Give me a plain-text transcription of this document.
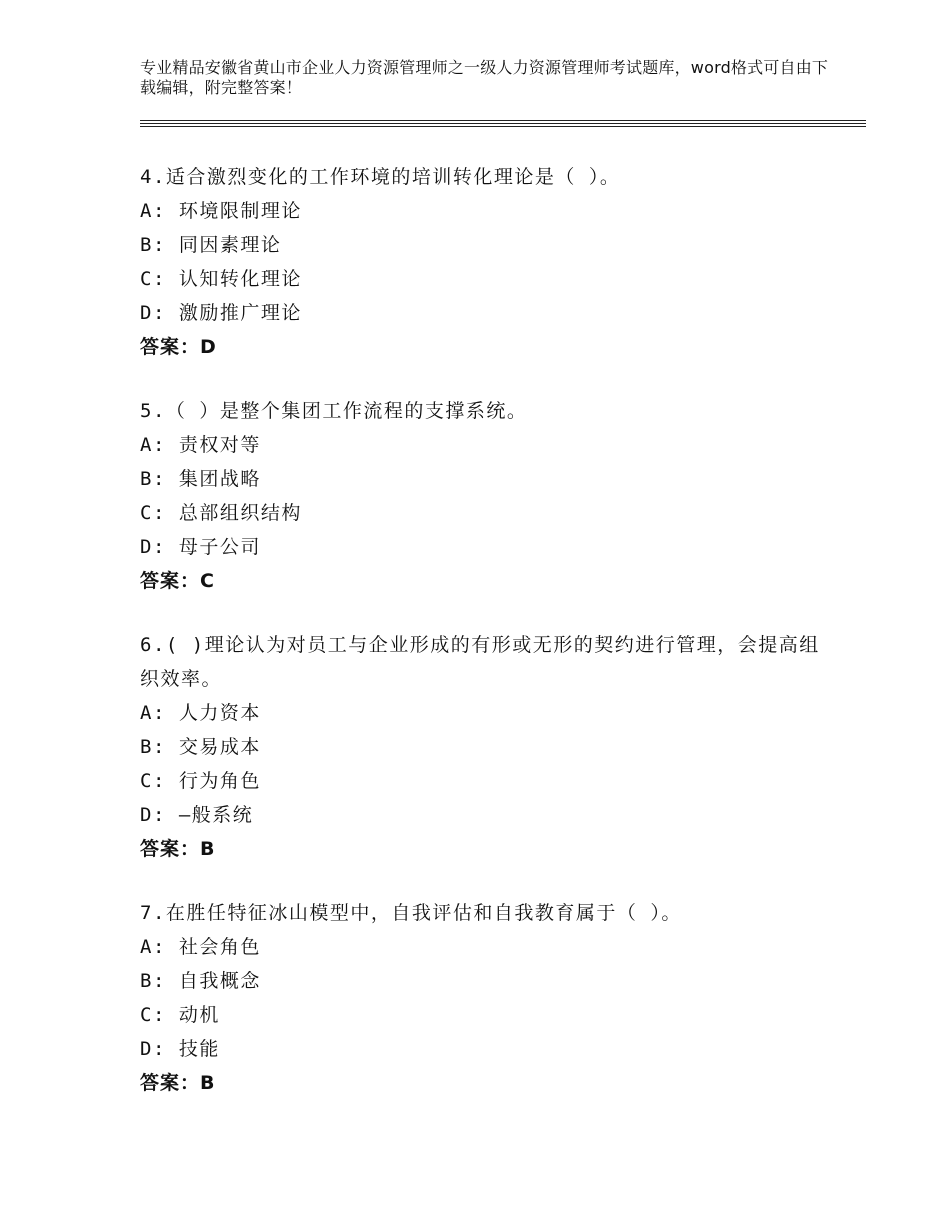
专业精品安徽省黄山市企业人力资源管理师之一级人力资源管理师考试题库，word格式可自由下载编辑，附完整答案！
4.适合激烈变化的工作环境的培训转化理论是（ ）。
A: 环境限制理论
B: 同因素理论
C: 认知转化理论
D: 激励推广理论
答案：D
5.（ ）是整个集团工作流程的支撑系统。
A: 责权对等
B: 集团战略
C: 总部组织结构
D: 母子公司
答案：C
6.( )理论认为对员工与企业形成的有形或无形的契约进行管理，会提高组织效率。
A: 人力资本
B: 交易成本
C: 行为角色
D: —般系统
答案：B
7.在胜任特征冰山模型中，自我评估和自我教育属于（ ）。
A: 社会角色
B: 自我概念
C: 动机
D: 技能
答案：B
